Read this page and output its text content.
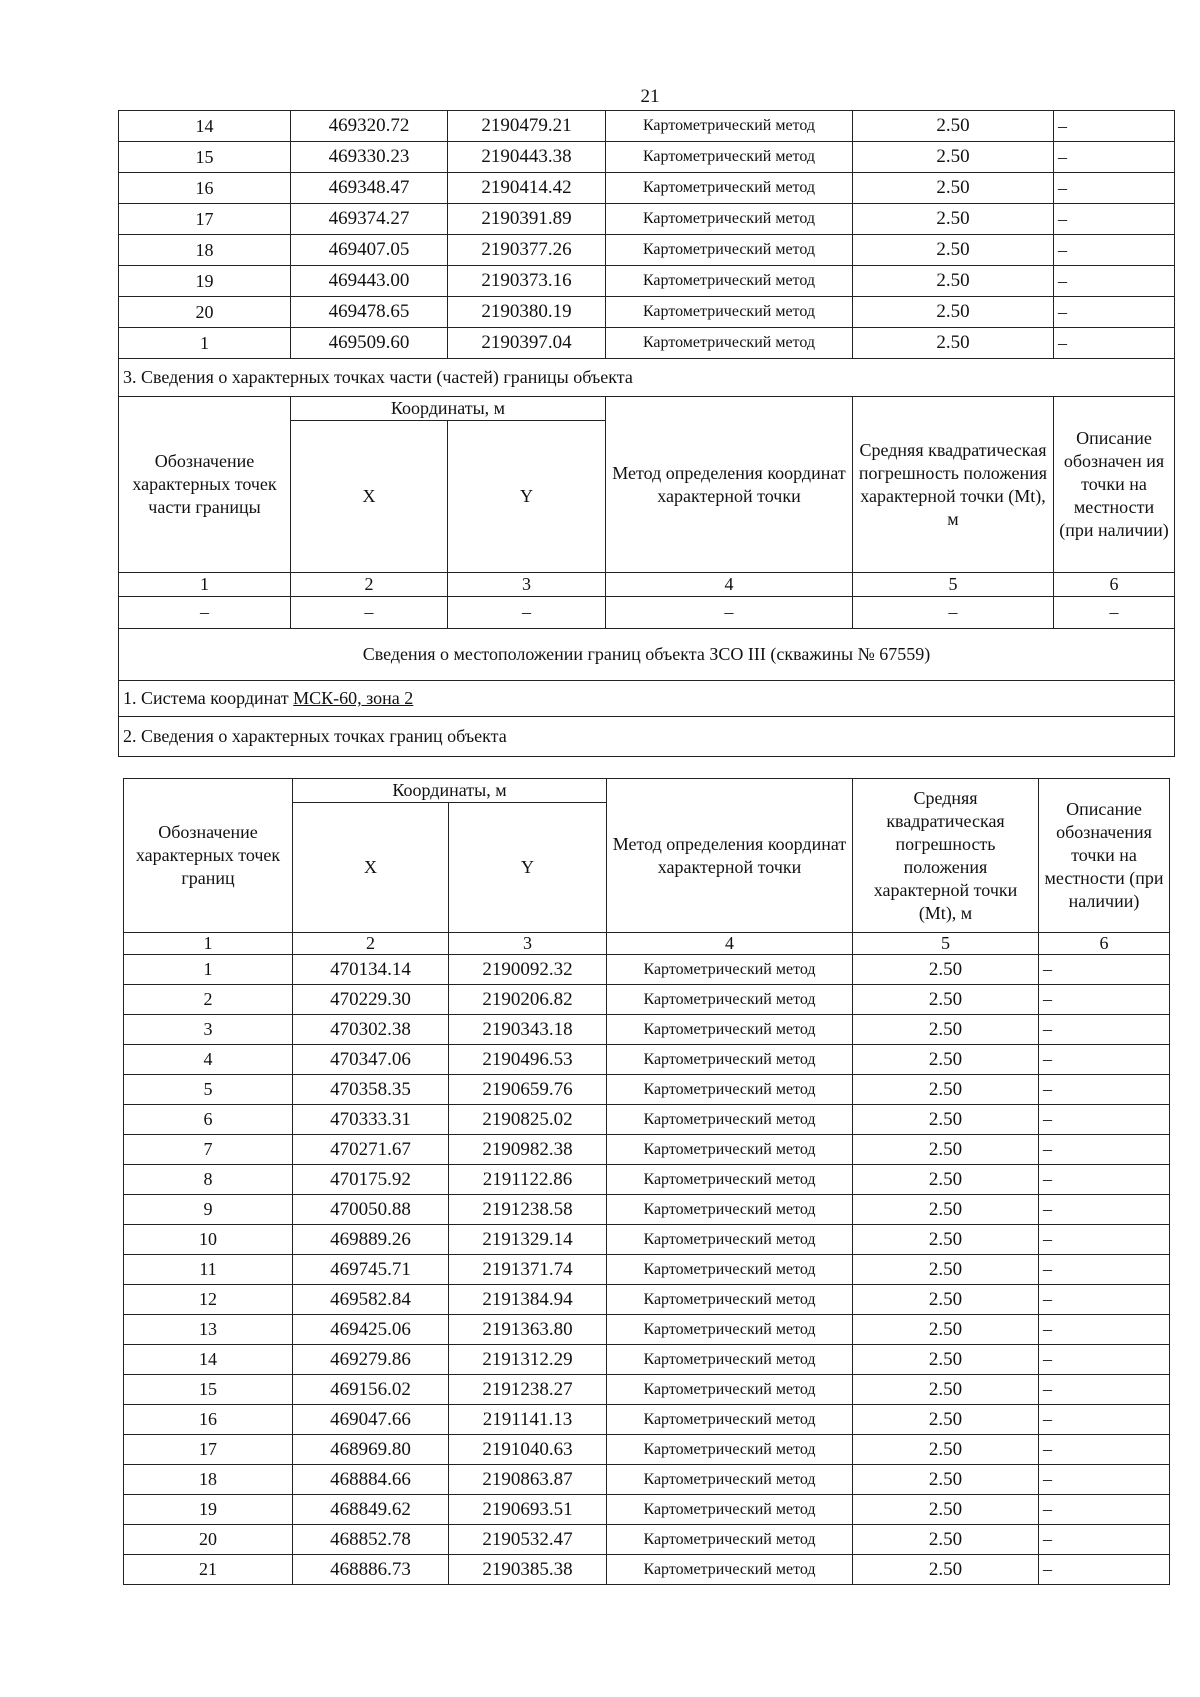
21
14	469320.72	2190479.21	Картометрический метод	2.50	–
15	469330.23	2190443.38	Картометрический метод	2.50	–
16	469348.47	2190414.42	Картометрический метод	2.50	–
17	469374.27	2190391.89	Картометрический метод	2.50	–
18	469407.05	2190377.26	Картометрический метод	2.50	–
19	469443.00	2190373.16	Картометрический метод	2.50	–
20	469478.65	2190380.19	Картометрический метод	2.50	–
1	469509.60	2190397.04	Картометрический метод	2.50	–
3. Сведения о характерных точках части (частей) границы объекта					
Обозначение характерных точек части границы	Координаты, м		Метод определения координат характерной точки	Средняя квадратическая погрешность положения характерной точки (Mt), м	Описание обозначен ия точки на местности (при наличии)
	X	Y			
1	2	3	4	5	6
–	–	–	–	–	–
Сведения о местоположении границ объекта ЗСО III (скважины № 67559)					
1. Система координат МСК-60, зона 2					
2. Сведения о характерных точках границ объекта					
Обозначение характерных точек границ	Координаты, м		Метод определения координат характерной точки	Средняя квадратическая погрешность положения характерной точки (Mt), м	Описание обозначения точки на местности (при наличии)
	X	Y			
1	2	3	4	5	6
1	470134.14	2190092.32	Картометрический метод	2.50	–
2	470229.30	2190206.82	Картометрический метод	2.50	–
3	470302.38	2190343.18	Картометрический метод	2.50	–
4	470347.06	2190496.53	Картометрический метод	2.50	–
5	470358.35	2190659.76	Картометрический метод	2.50	–
6	470333.31	2190825.02	Картометрический метод	2.50	–
7	470271.67	2190982.38	Картометрический метод	2.50	–
8	470175.92	2191122.86	Картометрический метод	2.50	–
9	470050.88	2191238.58	Картометрический метод	2.50	–
10	469889.26	2191329.14	Картометрический метод	2.50	–
11	469745.71	2191371.74	Картометрический метод	2.50	–
12	469582.84	2191384.94	Картометрический метод	2.50	–
13	469425.06	2191363.80	Картометрический метод	2.50	–
14	469279.86	2191312.29	Картометрический метод	2.50	–
15	469156.02	2191238.27	Картометрический метод	2.50	–
16	469047.66	2191141.13	Картометрический метод	2.50	–
17	468969.80	2191040.63	Картометрический метод	2.50	–
18	468884.66	2190863.87	Картометрический метод	2.50	–
19	468849.62	2190693.51	Картометрический метод	2.50	–
20	468852.78	2190532.47	Картометрический метод	2.50	–
21	468886.73	2190385.38	Картометрический метод	2.50	–
